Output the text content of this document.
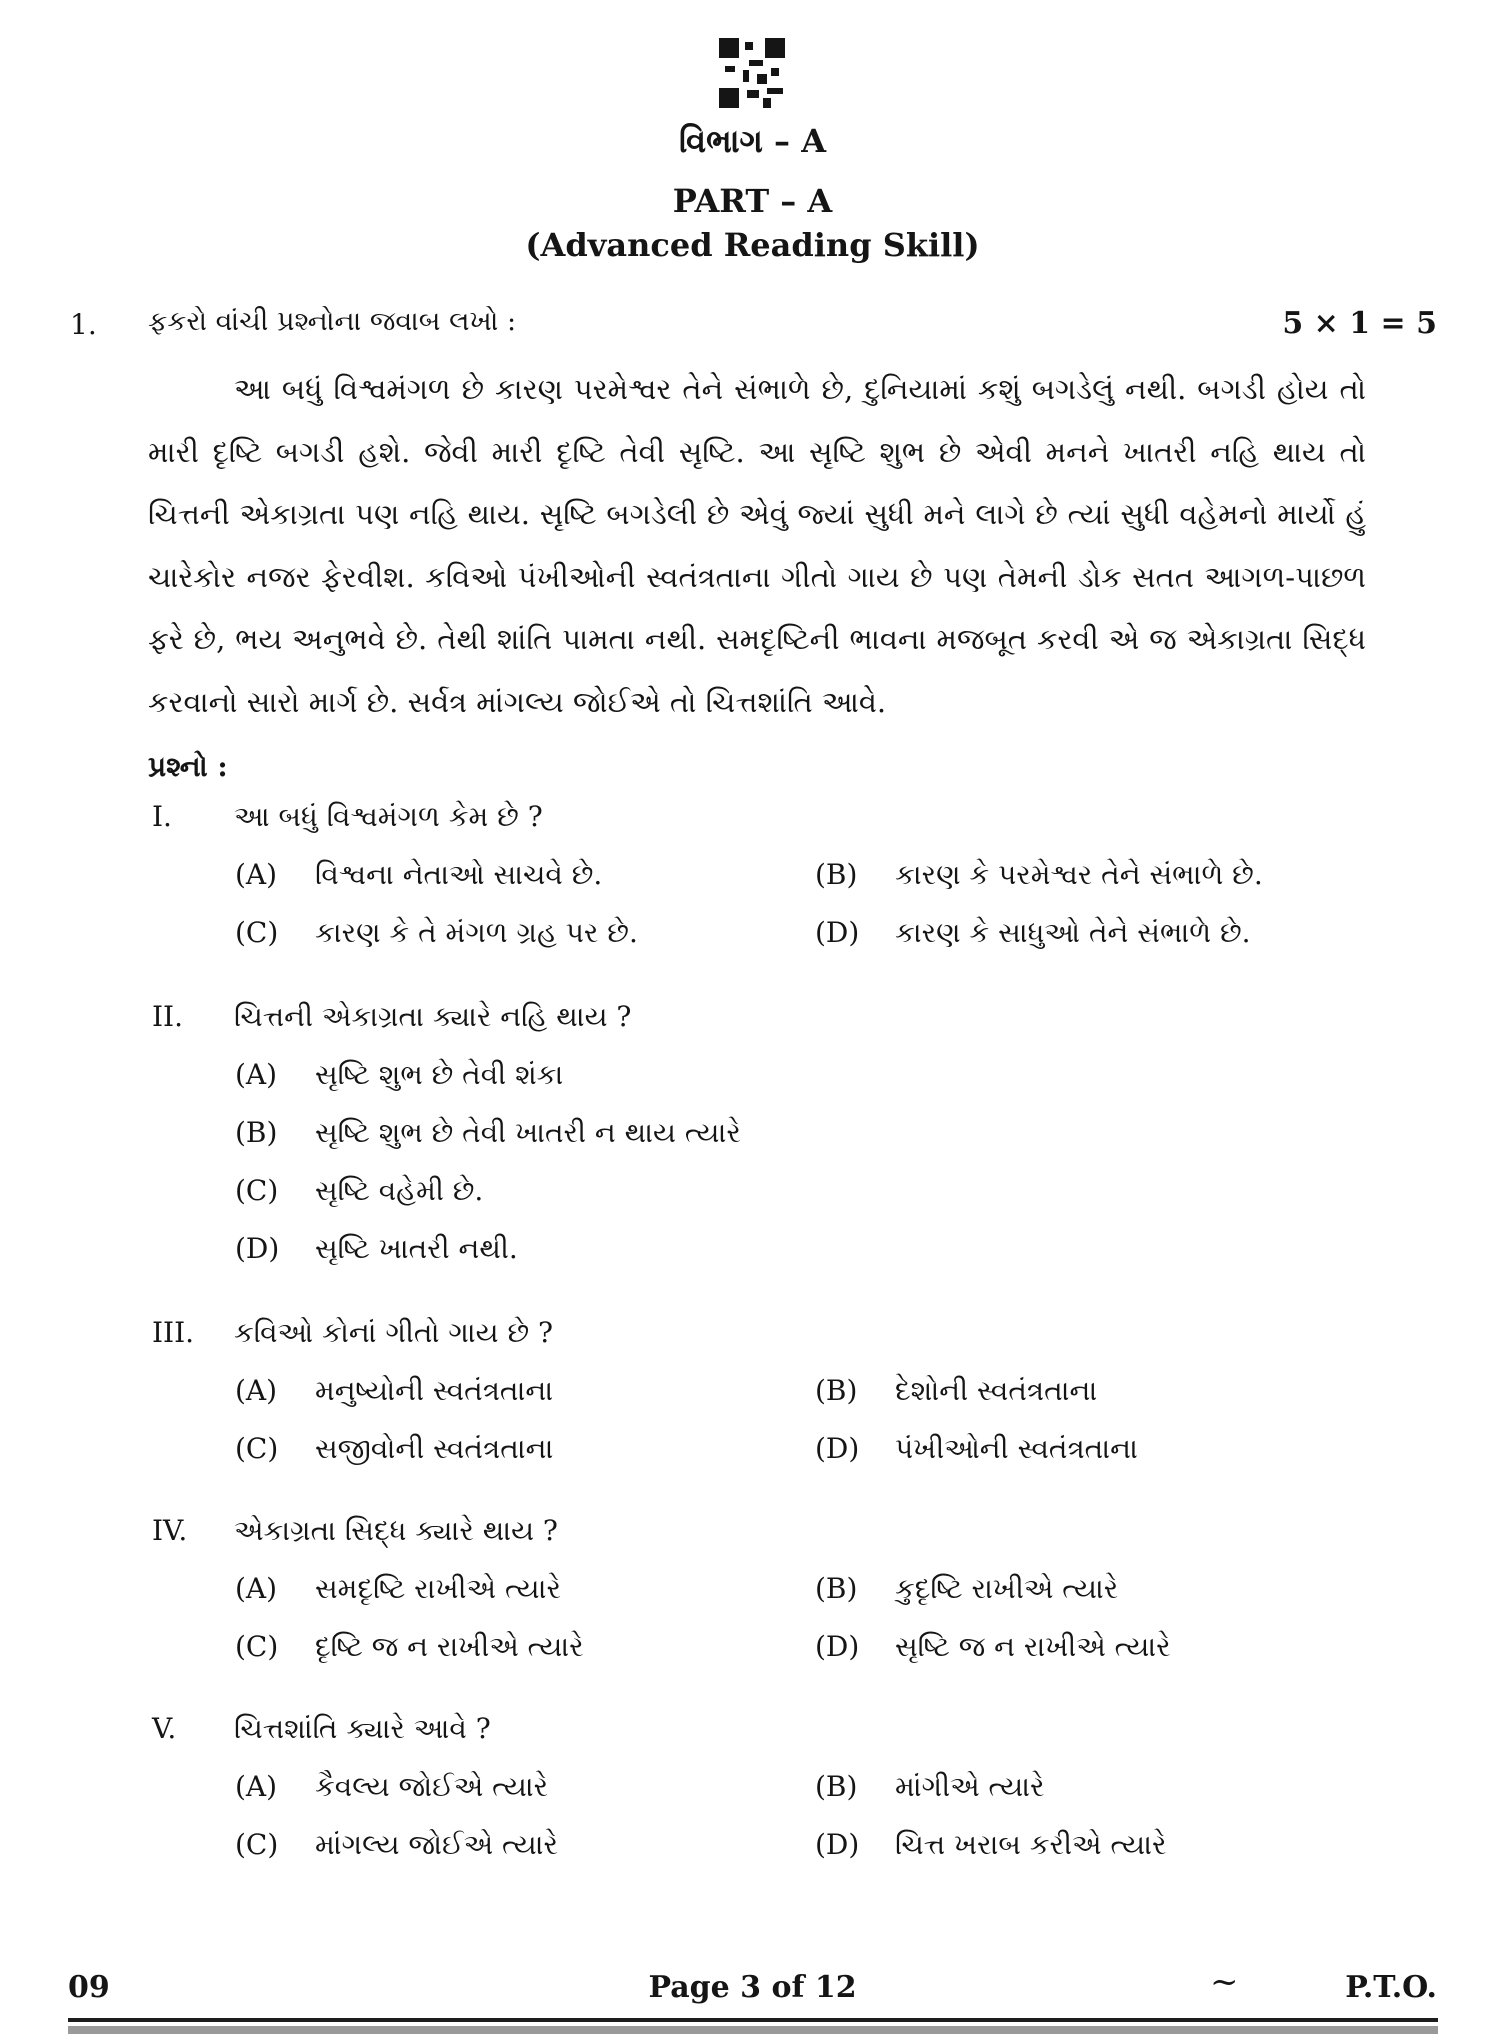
વિભાગ – A
PART – A
(Advanced Reading Skill)
1. ફકરો વાંચી પ્રશ્નોના જવાબ લખો :	5 × 1 = 5
આ બધું વિશ્વમંગળ છે કારણ પરમેશ્વર તેને સંભાળે છે, દુનિયામાં કશું બગડેલું નથી. બગડી હોય તો મારી દૃષ્ટિ બગડી હશે. જેવી મારી દૃષ્ટિ તેવી સૃષ્ટિ. આ સૃષ્ટિ શુભ છે એવી મનને ખાતરી નહિ થાય તો ચિત્તની એકાગ્રતા પણ નહિ થાય. સૃષ્ટિ બગડેલી છે એવું જ્યાં સુધી મને લાગે છે ત્યાં સુધી વહેમનો માર્યો હું ચારેકોર નજર ફેરવીશ. કવિઓ પંખીઓની સ્વતંત્રતાના ગીતો ગાય છે પણ તેમની ડોક સતત આગળ-પાછળ ફરે છે, ભય અનુભવે છે. તેથી શાંતિ પામતા નથી. સમદૃષ્ટિની ભાવના મજબૂત કરવી એ જ એકાગ્રતા સિદ્ધ કરવાનો સારો માર્ગ છે. સર્વત્ર માંગલ્ય જોઈએ તો ચિત્તશાંતિ આવે.
પ્રશ્નો :
I. આ બધું વિશ્વમંગળ કેમ છે ?
(A) વિશ્વના નેતાઓ સાચવે છે.	(B) કારણ કે પરમેશ્વર તેને સંભાળે છે.
(C) કારણ કે તે મંગળ ગ્રહ પર છે.	(D) કારણ કે સાધુઓ તેને સંભાળે છે.
II. ચિત્તની એકાગ્રતા ક્યારે નહિ થાય ?
(A) સૃષ્ટિ શુભ છે તેવી શંકા
(B) સૃષ્ટિ શુભ છે તેવી ખાતરી ન થાય ત્યારે
(C) સૃષ્ટિ વહેમી છે.
(D) સૃષ્ટિ ખાતરી નથી.
III. કવિઓ કોનાં ગીતો ગાય છે ?
(A) મનુષ્યોની સ્વતંત્રતાના	(B) દેશોની સ્વતંત્રતાના
(C) સજીવોની સ્વતંત્રતાના	(D) પંખીઓની સ્વતંત્રતાના
IV. એકાગ્રતા સિદ્ધ ક્યારે થાય ?
(A) સમદૃષ્ટિ રાખીએ ત્યારે	(B) કુદૃષ્ટિ રાખીએ ત્યારે
(C) દૃષ્ટિ જ ન રાખીએ ત્યારે	(D) સૃષ્ટિ જ ન રાખીએ ત્યારે
V. ચિત્તશાંતિ ક્યારે આવે ?
(A) કૈવલ્ય જોઈએ ત્યારે	(B) માંગીએ ત્યારે
(C) માંગલ્ય જોઈએ ત્યારે	(D) ચિત્ત ખરાબ કરીએ ત્યારે
09	Page 3 of 12	~	P.T.O.
